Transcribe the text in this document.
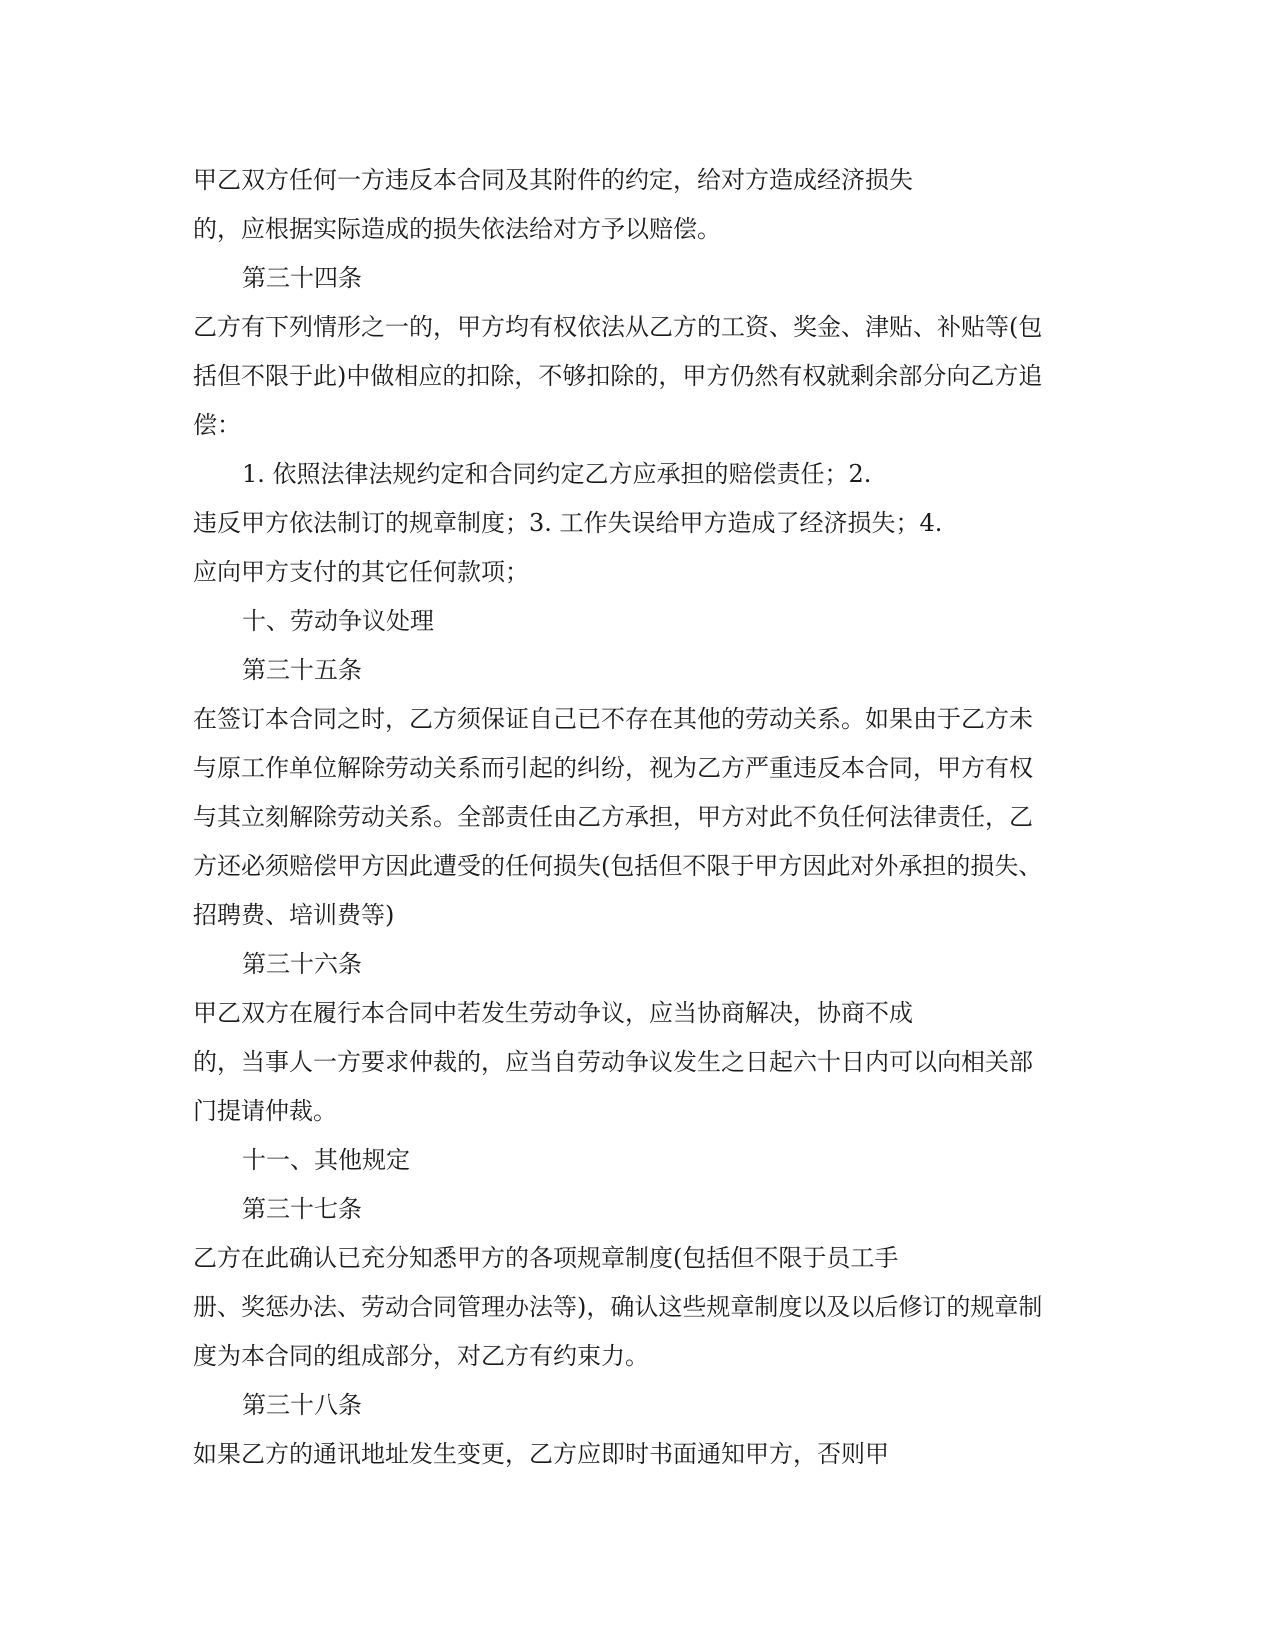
甲乙双方任何一方违反本合同及其附件的约定，给对方造成经济损失
的，应根据实际造成的损失依法给对方予以赔偿。
第三十四条
乙方有下列情形之一的，甲方均有权依法从乙方的工资、奖金、津贴、补贴等(包
括但不限于此)中做相应的扣除，不够扣除的，甲方仍然有权就剩余部分向乙方追
偿：
1. 依照法律法规约定和合同约定乙方应承担的赔偿责任；2.
违反甲方依法制订的规章制度；3. 工作失误给甲方造成了经济损失；4.
应向甲方支付的其它任何款项；
十、劳动争议处理
第三十五条
在签订本合同之时，乙方须保证自己已不存在其他的劳动关系。如果由于乙方未
与原工作单位解除劳动关系而引起的纠纷，视为乙方严重违反本合同，甲方有权
与其立刻解除劳动关系。全部责任由乙方承担，甲方对此不负任何法律责任，乙
方还必须赔偿甲方因此遭受的任何损失(包括但不限于甲方因此对外承担的损失、
招聘费、培训费等)
第三十六条
甲乙双方在履行本合同中若发生劳动争议，应当协商解决，协商不成
的，当事人一方要求仲裁的，应当自劳动争议发生之日起六十日内可以向相关部
门提请仲裁。
十一、其他规定
第三十七条
乙方在此确认已充分知悉甲方的各项规章制度(包括但不限于员工手
册、奖惩办法、劳动合同管理办法等)，确认这些规章制度以及以后修订的规章制
度为本合同的组成部分，对乙方有约束力。
第三十八条
如果乙方的通讯地址发生变更，乙方应即时书面通知甲方，否则甲
